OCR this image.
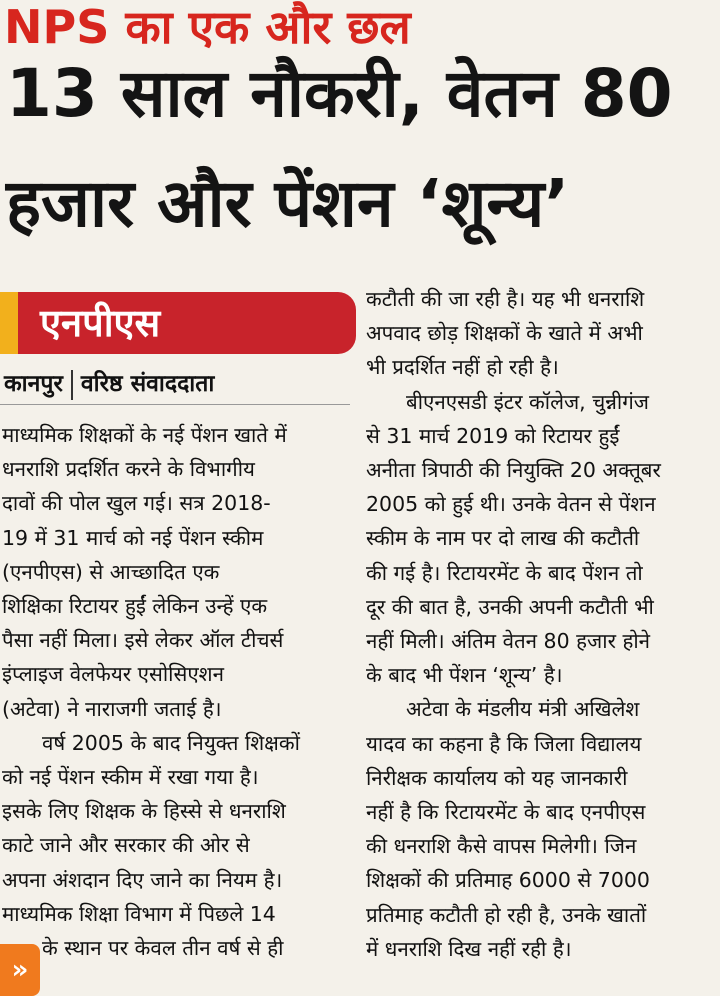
NPS का एक और छल
13 साल नौकरी, वेतन 80
हजार और पेंशन ‘शून्य’
एनपीएस
कानपुर वरिष्ठ संवाददाता

माध्यमिक शिक्षकों के नई पेंशन खाते में

धनराशि प्रदर्शित करने के विभागीय

दावों की पोल खुल गई। सत्र 2018-

19 में 31 मार्च को नई पेंशन स्कीम

(एनपीएस) से आच्छादित एक

शिक्षिका रिटायर हुईं लेकिन उन्हें एक

पैसा नहीं मिला। इसे लेकर ऑल टीचर्स

इंप्लाइज वेलफेयर एसोसिएशन

(अटेवा) ने नाराजगी जताई है।

वर्ष 2005 के बाद नियुक्त शिक्षकों

को नई पेंशन स्कीम में रखा गया है।

इसके लिए शिक्षक के हिस्से से धनराशि

काटे जाने और सरकार की ओर से

अपना अंशदान दिए जाने का नियम है।

माध्यमिक शिक्षा विभाग में पिछले 14

के स्थान पर केवल तीन वर्ष से ही

कटौती की जा रही है। यह भी धनराशि

अपवाद छोड़ शिक्षकों के खाते में अभी

भी प्रदर्शित नहीं हो रही है।

बीएनएसडी इंटर कॉलेज, चुन्नीगंज

से 31 मार्च 2019 को रिटायर हुईं

अनीता त्रिपाठी की नियुक्ति 20 अक्तूबर

2005 को हुई थी। उनके वेतन से पेंशन

स्कीम के नाम पर दो लाख की कटौती

की गई है। रिटायरमेंट के बाद पेंशन तो

दूर की बात है, उनकी अपनी कटौती भी

नहीं मिली। अंतिम वेतन 80 हजार होने

के बाद भी पेंशन ‘शून्य’ है।

अटेवा के मंडलीय मंत्री अखिलेश

यादव का कहना है कि जिला विद्यालय

निरीक्षक कार्यालय को यह जानकारी

नहीं है कि रिटायरमेंट के बाद एनपीएस

की धनराशि कैसे वापस मिलेगी। जिन

शिक्षकों की प्रतिमाह 6000 से 7000

प्रतिमाह कटौती हो रही है, उनके खातों

में धनराशि दिख नहीं रही है।

»
